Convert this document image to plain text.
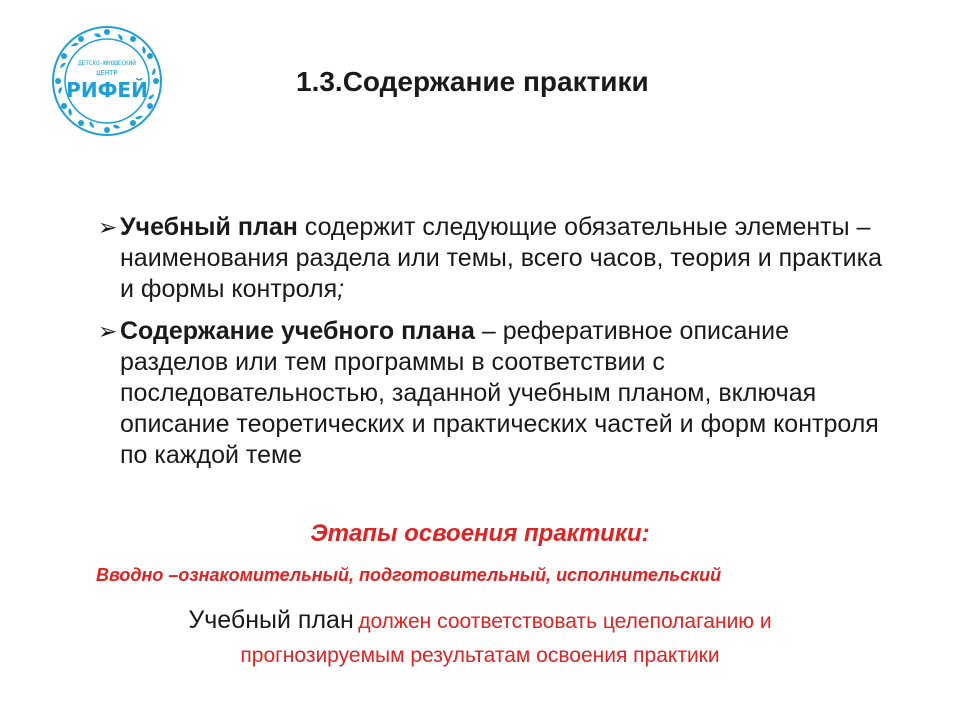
ДЕТСКО-ЮНОШЕСКИЙ
ЦЕНТР
РИФЕЙ	1.3.Содержание практики
➢ Учебный план содержит следующие обязательные элементы – наименования раздела или темы, всего часов, теория и практика и формы контроля;
➢ Содержание учебного плана – реферативное описание разделов или тем программы в соответствии с последовательностью, заданной учебным планом, включая описание теоретических и практических частей и форм контроля по каждой теме
Этапы освоения практики:
Вводно –ознакомительный, подготовительный, исполнительский
Учебный план должен соответствовать целеполаганию и
прогнозируемым результатам освоения практики
